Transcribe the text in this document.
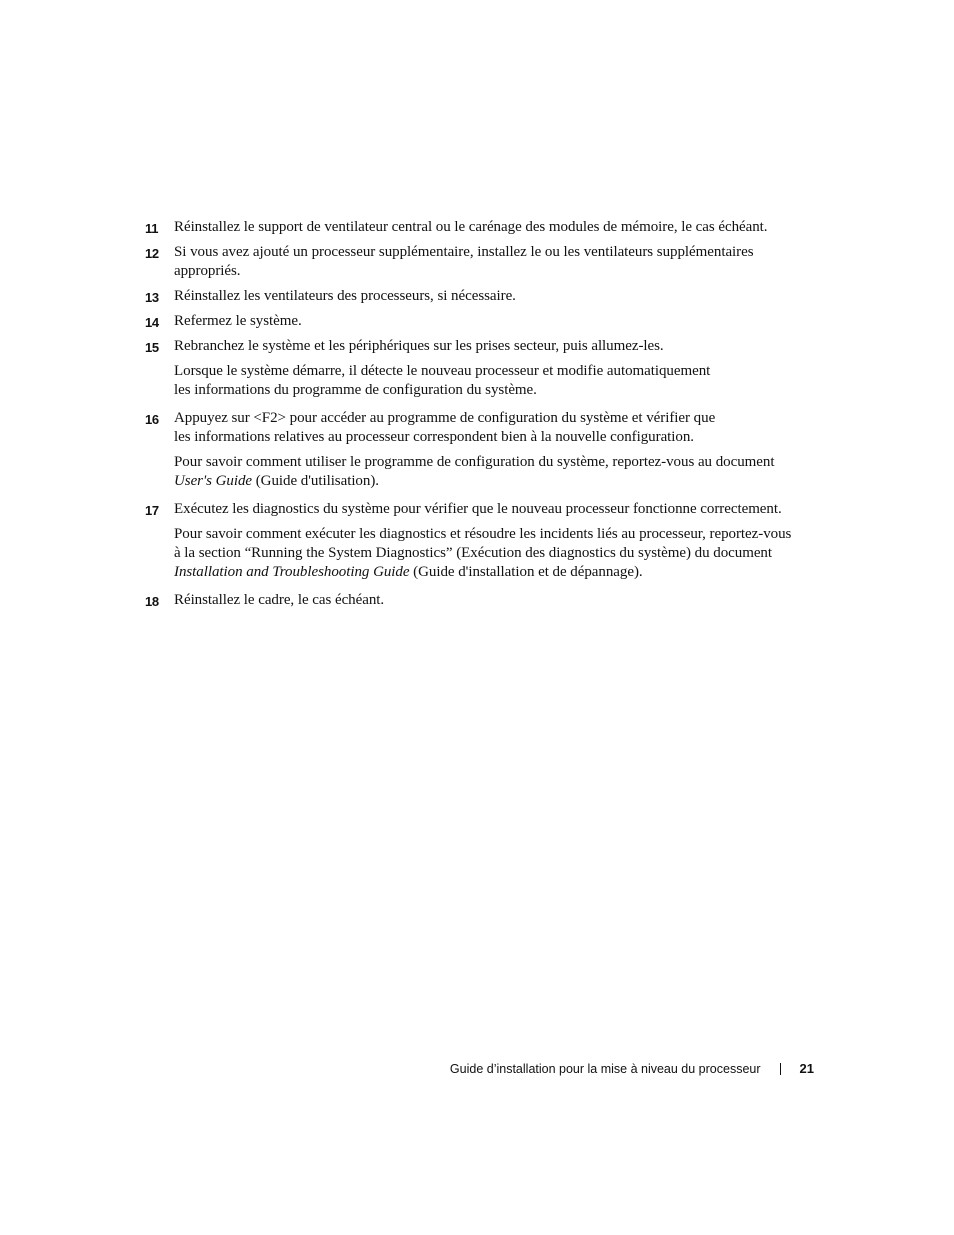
11 Réinstallez le support de ventilateur central ou le carénage des modules de mémoire, le cas échéant.
12 Si vous avez ajouté un processeur supplémentaire, installez le ou les ventilateurs supplémentaires
appropriés.
13 Réinstallez les ventilateurs des processeurs, si nécessaire.
14 Refermez le système.
15 Rebranchez le système et les périphériques sur les prises secteur, puis allumez-les.
Lorsque le système démarre, il détecte le nouveau processeur et modifie automatiquement
les informations du programme de configuration du système.
16 Appuyez sur <F2> pour accéder au programme de configuration du système et vérifier que
les informations relatives au processeur correspondent bien à la nouvelle configuration.
Pour savoir comment utiliser le programme de configuration du système, reportez-vous au document
User's Guide (Guide d'utilisation).
17 Exécutez les diagnostics du système pour vérifier que le nouveau processeur fonctionne correctement.
Pour savoir comment exécuter les diagnostics et résoudre les incidents liés au processeur, reportez-vous
à la section “Running the System Diagnostics” (Exécution des diagnostics du système) du document
Installation and Troubleshooting Guide (Guide d'installation et de dépannage).
18 Réinstallez le cadre, le cas échéant.
Guide d’installation pour la mise à niveau du processeur	21
